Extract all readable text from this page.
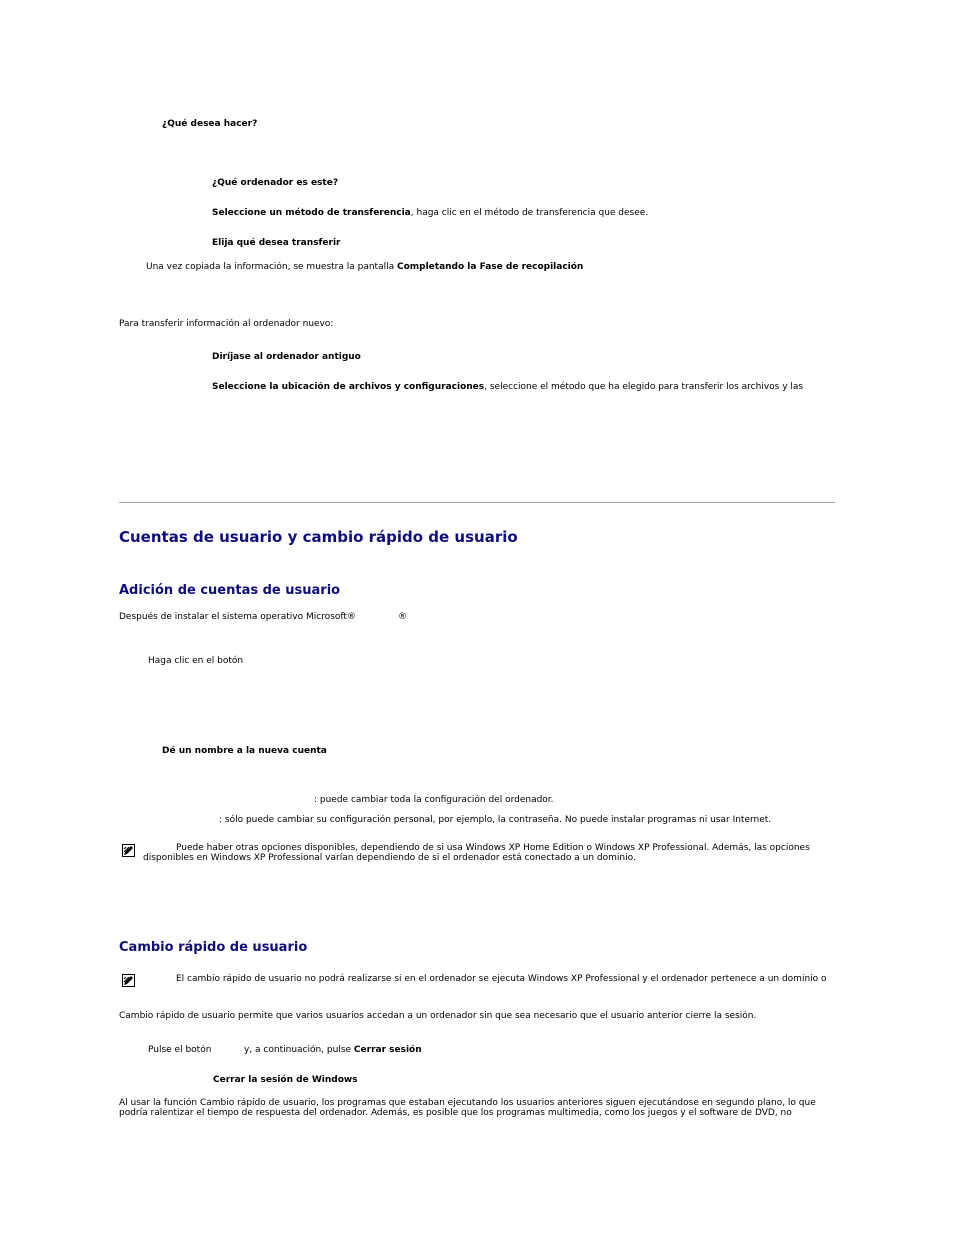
¿Qué desea hacer?
¿Qué ordenador es este?
Seleccione un método de transferencia, haga clic en el método de transferencia que desee.
Elija qué desea transferir
Una vez copiada la información, se muestra la pantalla Completando la Fase de recopilación
Para transferir información al ordenador nuevo:
Diríjase al ordenador antiguo
Seleccione la ubicación de archivos y configuraciones, seleccione el método que ha elegido para transferir los archivos y las
Cuentas de usuario y cambio rápido de usuario
Adición de cuentas de usuario
Después de instalar el sistema operativo Microsoft®	®
Haga clic en el botón
Dé un nombre a la nueva cuenta
: puede cambiar toda la configuración del ordenador.
: sólo puede cambiar su configuración personal, por ejemplo, la contraseña. No puede instalar programas ni usar Internet.
Puede haber otras opciones disponibles, dependiendo de si usa Windows XP Home Edition o Windows XP Professional. Además, las opciones
disponibles en Windows XP Professional varían dependiendo de si el ordenador está conectado a un dominio.
Cambio rápido de usuario
El cambio rápido de usuario no podrá realizarse si en el ordenador se ejecuta Windows XP Professional y el ordenador pertenece a un dominio o
Cambio rápido de usuario permite que varios usuarios accedan a un ordenador sin que sea necesario que el usuario anterior cierre la sesión.
Pulse el botón	y, a continuación, pulse Cerrar sesión
Cerrar la sesión de Windows
Al usar la función Cambio rápido de usuario, los programas que estaban ejecutando los usuarios anteriores siguen ejecutándose en segundo plano, lo que
podría ralentizar el tiempo de respuesta del ordenador. Además, es posible que los programas multimedia, como los juegos y el software de DVD, no
